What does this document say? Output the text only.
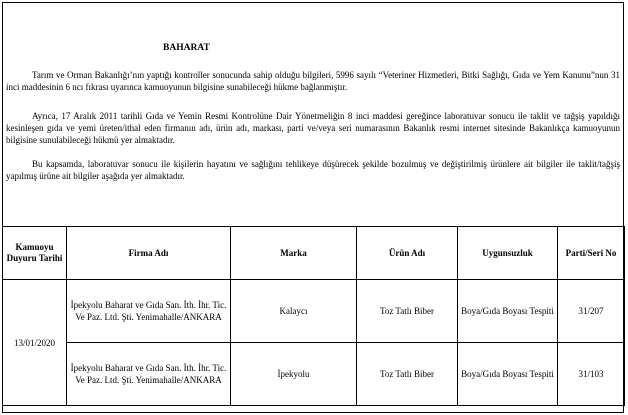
BAHARAT
Tarım ve Orman Bakanlığı’nın yaptığı kontroller sonucunda sahip olduğu bilgileri, 5996 sayılı “Veteriner Hizmetleri, Bitki Sağlığı, Gıda ve Yem Kanunu”nun 31 inci maddesinin 6 ncı fıkrası uyarınca kamuoyunun bilgisine sunabileceği hükme bağlanmıştır.
Ayrıca, 17 Aralık 2011 tarihli Gıda ve Yemin Resmi Kontrolüne Dair Yönetmeliğin 8 inci maddesi gereğince laboratuvar sonucu ile taklit ve tağşiş yapıldığı kesinleşen gıda ve yemi üreten/ithal eden firmanın adı, ürün adı, markası, parti ve/veya seri numarasının Bakanlık resmi internet sitesinde Bakanlıkça kamuoyunun bilgisine sunulabileceği hükmü yer almaktadır.
Bu kapsamda, laboratuvar sonucu ile kişilerin hayatını ve sağlığını tehlikeye düşürecek şekilde bozulmuş ve değiştirilmiş ürünlere ait bilgiler ile taklit/tağşiş yapılmış ürüne ait bilgiler aşağıda yer almaktadır.
Kamuoyu Duyuru Tarihi	Firma Adı	Marka	Ürün Adı	Uygunsuzluk	Parti/Seri No
13/01/2020	İpekyolu Baharat ve Gıda San. İth. İhr. Tic. Ve Paz. Ltd. Şti. Yenimahalle/ANKARA	Kalaycı	Toz Tatlı Biber	Boya/Gıda Boyası Tespiti	31/207
	İpekyolu Baharat ve Gıda San. İth. İhr. Tic. Ve Paz. Ltd. Şti. Yenimahalle/ANKARA	İpekyolu	Toz Tatlı Biber	Boya/Gıda Boyası Tespiti	31/103
